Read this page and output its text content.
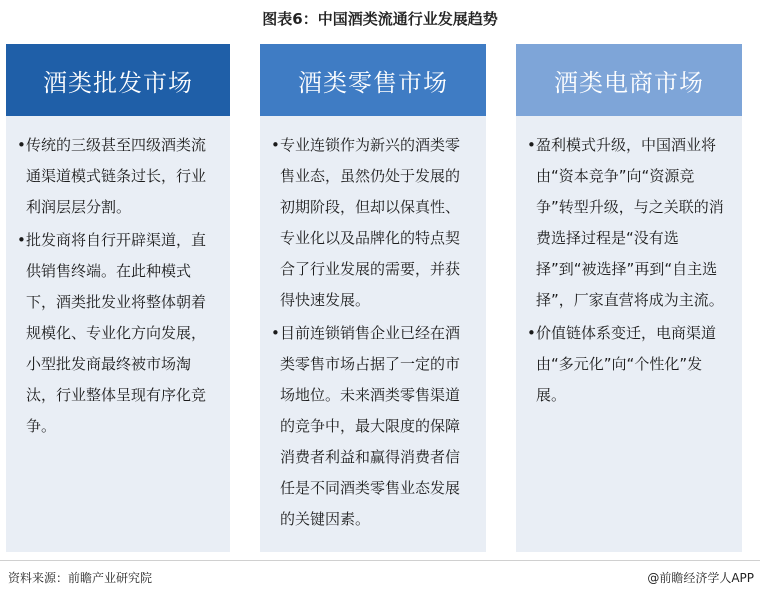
图表6：中国酒类流通行业发展趋势
酒类批发市场
• 传统的三级甚至四级酒类流通渠道模式链条过长，行业利润层层分割。
• 批发商将自行开辟渠道，直供销售终端。在此种模式下，酒类批发业将整体朝着规模化、专业化方向发展，小型批发商最终被市场淘汰，行业整体呈现有序化竞争。
酒类零售市场
• 专业连锁作为新兴的酒类零售业态，虽然仍处于发展的初期阶段，但却以保真性、专业化以及品牌化的特点契合了行业发展的需要，并获得快速发展。
• 目前连锁销售企业已经在酒类零售市场占据了一定的市场地位。未来酒类零售渠道的竞争中，最大限度的保障消费者利益和赢得消费者信任是不同酒类零售业态发展的关键因素。
酒类电商市场
• 盈利模式升级，中国酒业将由“资本竞争”向“资源竞争”转型升级，与之关联的消费选择过程是“没有选择”到“被选择”再到“自主选择”，厂家直营将成为主流。
• 价值链体系变迁，电商渠道由“多元化”向“个性化”发展。
资料来源：前瞻产业研究院	@前瞻经济学人APP
